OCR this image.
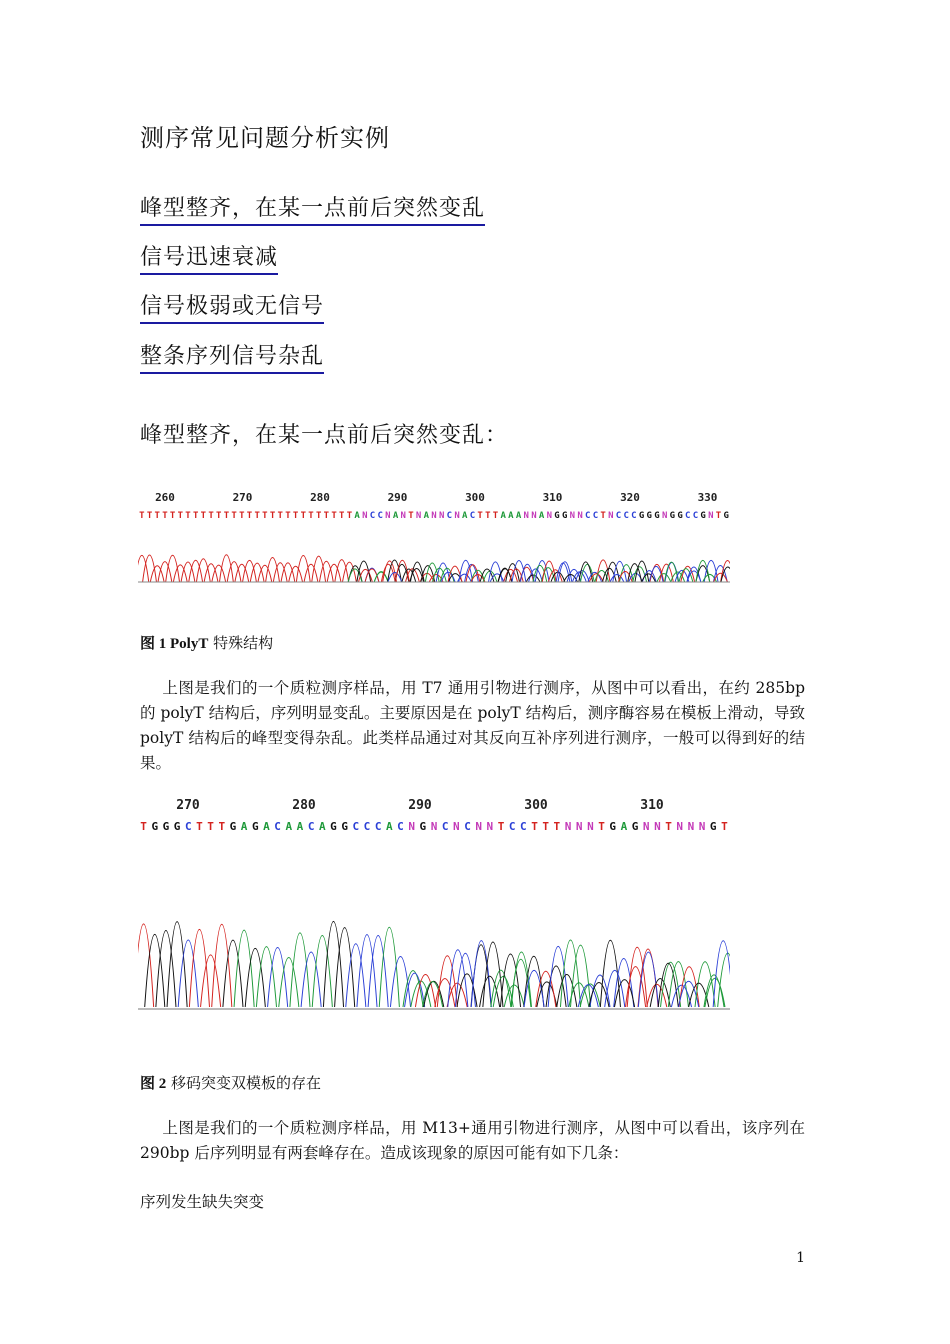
测序常见问题分析实例
峰型整齐，在某一点前后突然变乱
信号迅速衰减
信号极弱或无信号
整条序列信号杂乱
峰型整齐，在某一点前后突然变乱：
260	270	280	290	300	310	320	330
T T T T T T T T T T T T T T T T T T T T T T T T T T T T A N C C N A N T N A N N C N A C T T T A A A N N A N G G N N C C T N C C C G G G N G G C C G N T G
图 1 PolyT 特殊结构
上图是我们的一个质粒测序样品，用 T7 通用引物进行测序，从图中可以看出，在约 285bp 的 polyT 结构后，序列明显变乱。主要原因是在 polyT 结构后，测序酶容易在模板上滑动，导致 polyT 结构后的峰型变得杂乱。此类样品通过对其反向互补序列进行测序，一般可以得到好的结果。
270	280	290	300	310
T G G G C T T T G A G A C A A C A G G C C C A C N G N C N C N N T C C T T T N N N T G A G N N T N N N G T
图 2 移码突变双模板的存在
上图是我们的一个质粒测序样品，用 M13+通用引物进行测序，从图中可以看出，该序列在 290bp 后序列明显有两套峰存在。造成该现象的原因可能有如下几条：
序列发生缺失突变
1
